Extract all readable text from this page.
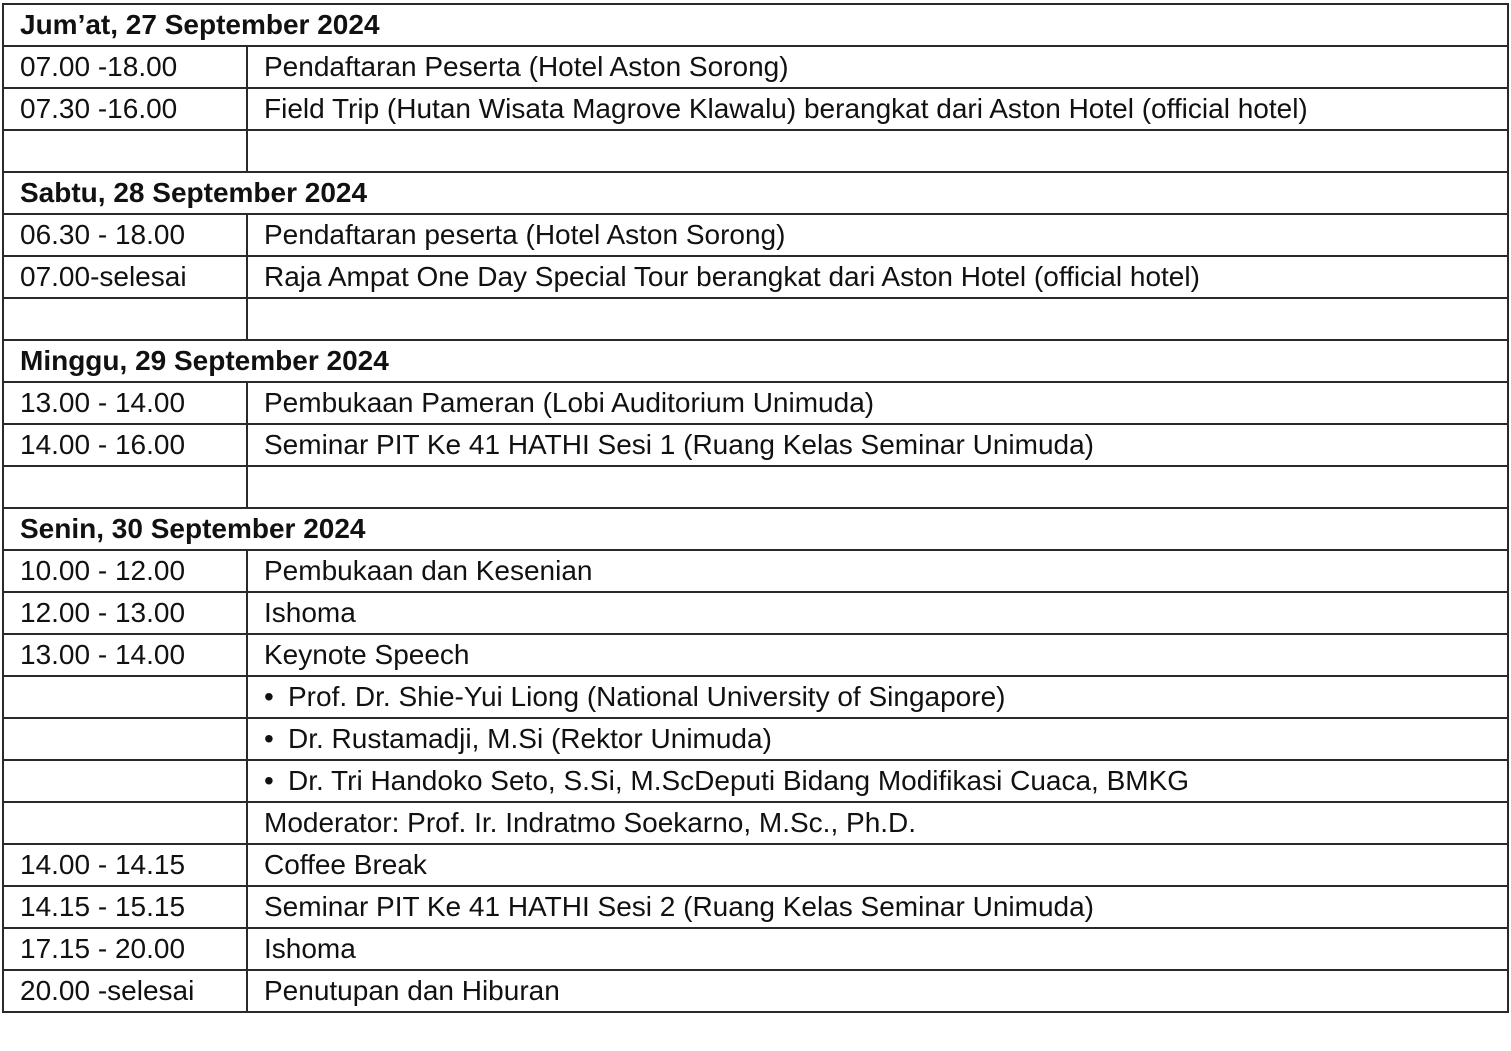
Jum’at, 27 September 2024	
07.00 -18.00	Pendaftaran Peserta (Hotel Aston Sorong)
07.30 -16.00	Field Trip (Hutan Wisata Magrove Klawalu) berangkat dari Aston Hotel (official hotel)

Sabtu, 28 September 2024	
06.30 - 18.00	Pendaftaran peserta (Hotel Aston Sorong)
07.00-selesai	Raja Ampat One Day Special Tour berangkat dari Aston Hotel (official hotel)

Minggu, 29 September 2024	
13.00 - 14.00	Pembukaan Pameran (Lobi Auditorium Unimuda)
14.00 - 16.00	Seminar PIT Ke 41 HATHI Sesi 1 (Ruang Kelas Seminar Unimuda)

Senin, 30 September 2024	
10.00 - 12.00	Pembukaan dan Kesenian
12.00 - 13.00	Ishoma
13.00 - 14.00	Keynote Speech
	• Prof. Dr. Shie-Yui Liong (National University of Singapore)
	• Dr. Rustamadji, M.Si (Rektor Unimuda)
	• Dr. Tri Handoko Seto, S.Si, M.ScDeputi Bidang Modifikasi Cuaca, BMKG
	Moderator: Prof. Ir. Indratmo Soekarno, M.Sc., Ph.D.
14.00 - 14.15	Coffee Break
14.15 - 15.15	Seminar PIT Ke 41 HATHI Sesi 2 (Ruang Kelas Seminar Unimuda)
17.15 - 20.00	Ishoma
20.00 -selesai	Penutupan dan Hiburan
